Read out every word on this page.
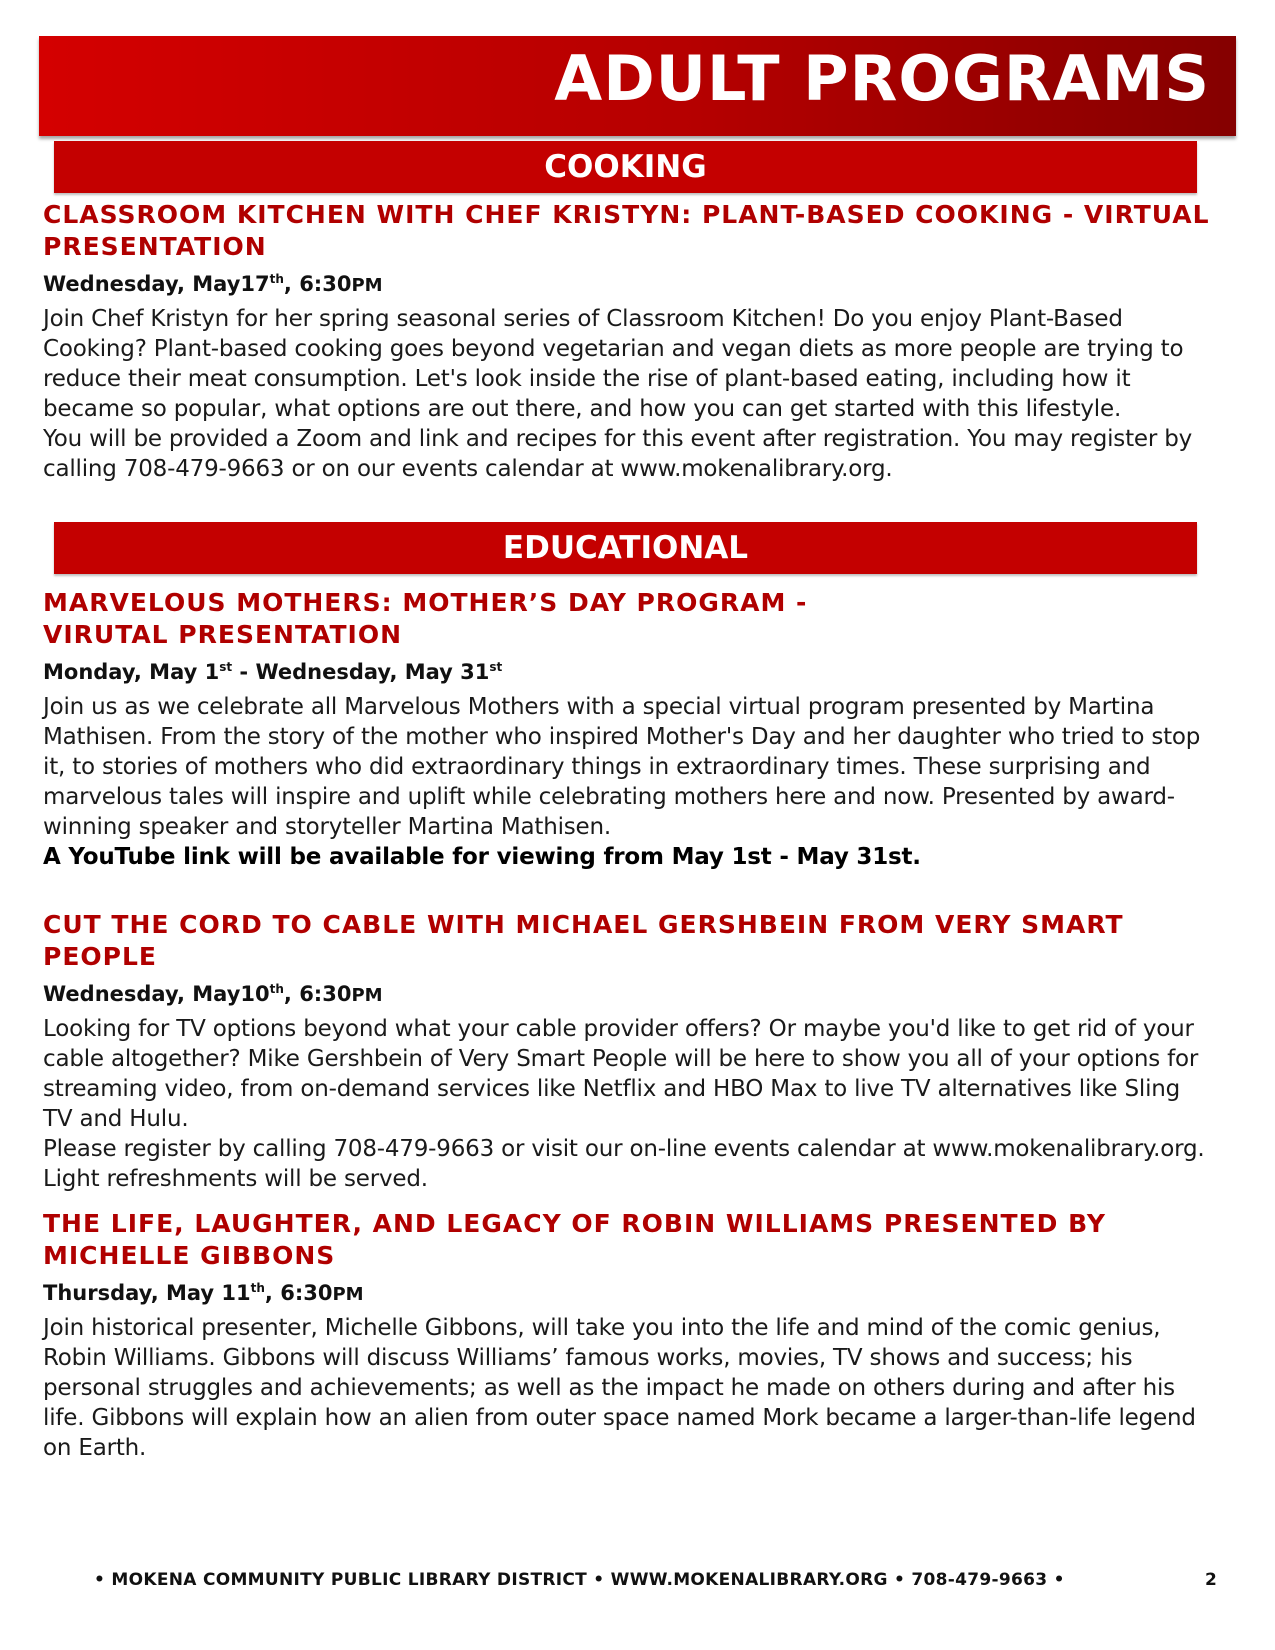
ADULT PROGRAMS
COOKING
CLASSROOM KITCHEN WITH CHEF KRISTYN: PLANT-BASED COOKING - VIRTUAL PRESENTATION
Wednesday, May17th, 6:30PM

Join Chef Kristyn for her spring seasonal series of Classroom Kitchen! Do you enjoy Plant-Based Cooking? Plant-based cooking goes beyond vegetarian and vegan diets as more people are trying to reduce their meat consumption. Let's look inside the rise of plant-based eating, including how it became so popular, what options are out there, and how you can get started with this lifestyle.

You will be provided a Zoom and link and recipes for this event after registration. You may register by calling 708-479-9663 or on our events calendar at www.mokenalibrary.org.

EDUCATIONAL
MARVELOUS MOTHERS: MOTHER’S DAY PROGRAM -
VIRUTAL PRESENTATION
Monday, May 1st - Wednesday, May 31st

Join us as we celebrate all Marvelous Mothers with a special virtual program presented by Martina Mathisen. From the story of the mother who inspired Mother's Day and her daughter who tried to stop it, to stories of mothers who did extraordinary things in extraordinary times. These surprising and marvelous tales will inspire and uplift while celebrating mothers here and now. Presented by award-winning speaker and storyteller Martina Mathisen.

A YouTube link will be available for viewing from May 1st - May 31st.

CUT THE CORD TO CABLE WITH MICHAEL GERSHBEIN FROM VERY SMART PEOPLE
Wednesday, May10th, 6:30PM

Looking for TV options beyond what your cable provider offers? Or maybe you'd like to get rid of your cable altogether? Mike Gershbein of Very Smart People will be here to show you all of your options for streaming video, from on-demand services like Netflix and HBO Max to live TV alternatives like Sling TV and Hulu.

Please register by calling 708-479-9663 or visit our on-line events calendar at www.mokenalibrary.org. Light refreshments will be served.

THE LIFE, LAUGHTER, AND LEGACY OF ROBIN WILLIAMS PRESENTED BY MICHELLE GIBBONS
Thursday, May 11th, 6:30PM

Join historical presenter, Michelle Gibbons, will take you into the life and mind of the comic genius, Robin Williams. Gibbons will discuss Williams’ famous works, movies, TV shows and success; his personal struggles and achievements; as well as the impact he made on others during and after his life. Gibbons will explain how an alien from outer space named Mork became a larger-than-life legend on Earth.

• MOKENA COMMUNITY PUBLIC LIBRARY DISTRICT • WWW.MOKENALIBRARY.ORG • 708-479-9663 •	2
